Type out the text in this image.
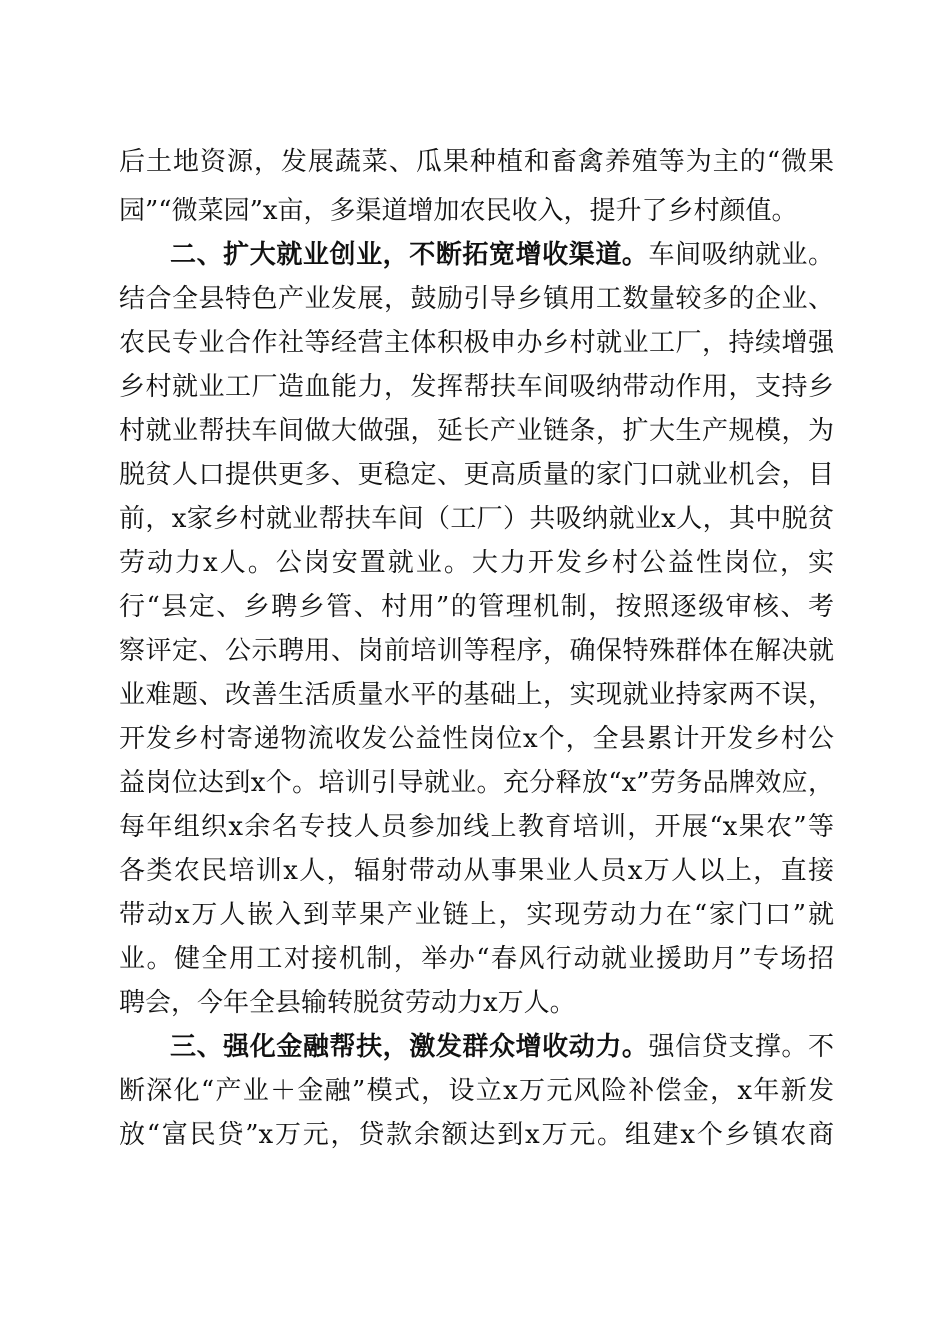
后土地资源，发展蔬菜、瓜果种植和畜禽养殖等为主的“微果
园”“微菜园”x亩，多渠道增加农民收入，提升了乡村颜值。
二、扩大就业创业，不断拓宽增收渠道。车间吸纳就业。
结合全县特色产业发展，鼓励引导乡镇用工数量较多的企业、
农民专业合作社等经营主体积极申办乡村就业工厂，持续增强
乡村就业工厂造血能力，发挥帮扶车间吸纳带动作用，支持乡
村就业帮扶车间做大做强，延长产业链条，扩大生产规模，为
脱贫人口提供更多、更稳定、更高质量的家门口就业机会，目
前，x家乡村就业帮扶车间（工厂）共吸纳就业x人，其中脱贫
劳动力x人。公岗安置就业。大力开发乡村公益性岗位，实
行“县定、乡聘乡管、村用”的管理机制，按照逐级审核、考
察评定、公示聘用、岗前培训等程序，确保特殊群体在解决就
业难题、改善生活质量水平的基础上，实现就业持家两不误，
开发乡村寄递物流收发公益性岗位x个，全县累计开发乡村公
益岗位达到x个。培训引导就业。充分释放“x”劳务品牌效应，
每年组织x余名专技人员参加线上教育培训，开展“x果农”等
各类农民培训x人，辐射带动从事果业人员x万人以上，直接
带动x万人嵌入到苹果产业链上，实现劳动力在“家门口”就
业。健全用工对接机制，举办“春风行动就业援助月”专场招
聘会，今年全县输转脱贫劳动力x万人。
三、强化金融帮扶，激发群众增收动力。强信贷支撑。不
断深化“产业＋金融”模式，设立x万元风险补偿金，x年新发
放“富民贷”x万元，贷款余额达到x万元。组建x个乡镇农商
